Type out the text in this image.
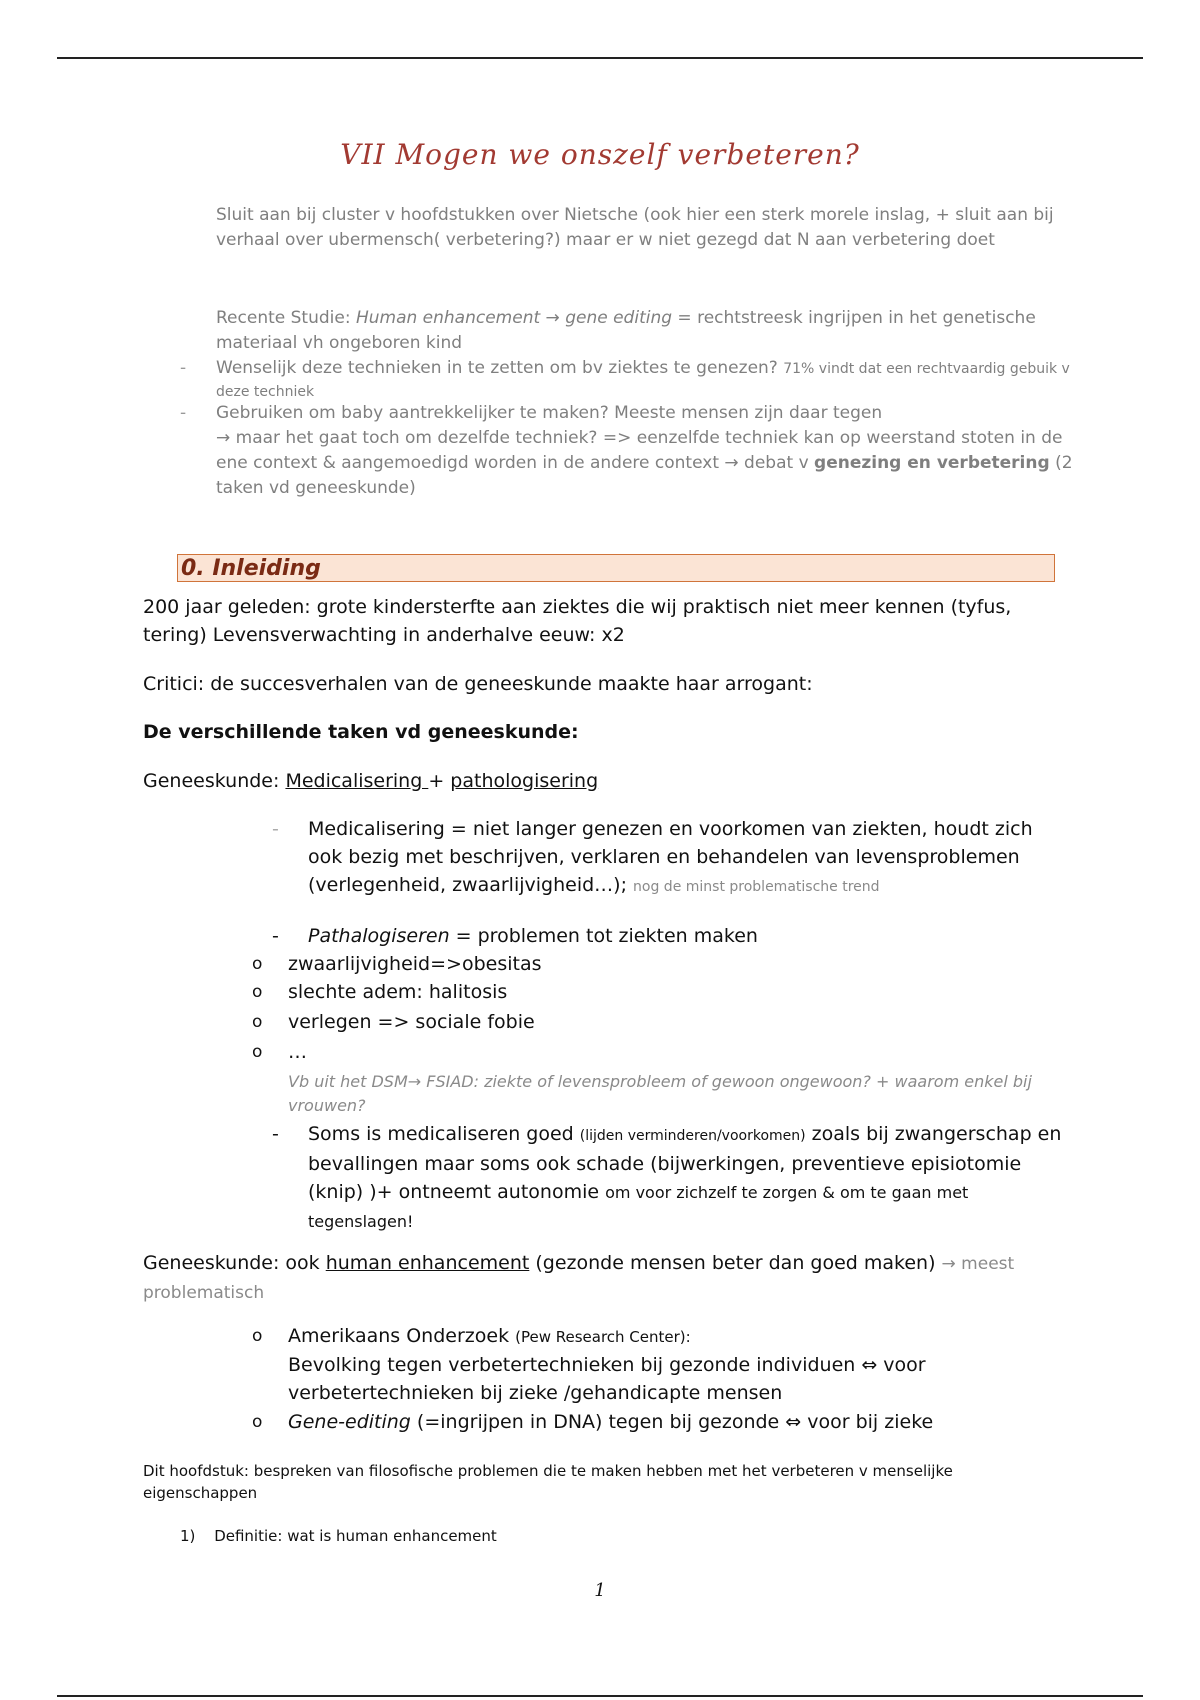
VII Mogen we onszelf verbeteren?

Sluit aan bij cluster v hoofdstukken over Nietsche (ook hier een sterk morele inslag, + sluit aan bij verhaal over ubermensch( verbetering?) maar er w niet gezegd dat N aan verbetering doet

Recente Studie: Human enhancement → gene editing = rechtstreesk ingrijpen in het genetische materiaal vh ongeboren kind

- Wenselijk deze technieken in te zetten om bv ziektes te genezen? 71% vindt dat een rechtvaardig gebuik v deze techniek
- Gebruiken om baby aantrekkelijker te maken? Meeste mensen zijn daar tegen
→ maar het gaat toch om dezelfde techniek? => eenzelfde techniek kan op weerstand stoten in de ene context & aangemoedigd worden in de andere context → debat v genezing en verbetering (2 taken vd geneeskunde)
0. Inleiding
200 jaar geleden: grote kindersterfte aan ziektes die wij praktisch niet meer kennen (tyfus, tering) Levensverwachting in anderhalve eeuw: x2
Critici: de succesverhalen van de geneeskunde maakte haar arrogant:
De verschillende taken vd geneeskunde:
Geneeskunde: Medicalisering + pathologisering
- Medicalisering = niet langer genezen en voorkomen van ziekten, houdt zich ook bezig met beschrijven, verklaren en behandelen van levensproblemen (verlegenheid, zwaarlijvigheid…); nog de minst problematische trend
- Pathalogiseren = problemen tot ziekten maken
o zwaarlijvigheid=>obesitas
o slechte adem: halitosis
o verlegen => sociale fobie
o …
Vb uit het DSM→ FSIAD: ziekte of levensprobleem of gewoon ongewoon? + waarom enkel bij vrouwen?
- Soms is medicaliseren goed (lijden verminderen/voorkomen) zoals bij zwangerschap en bevallingen maar soms ook schade (bijwerkingen, preventieve episiotomie (knip) )+ ontneemt autonomie om voor zichzelf te zorgen & om te gaan met tegenslagen!
Geneeskunde: ook human enhancement (gezonde mensen beter dan goed maken) → meest problematisch
o Amerikaans Onderzoek (Pew Research Center):
Bevolking tegen verbetertechnieken bij gezonde individuen ⇔ voor verbetertechnieken bij zieke /gehandicapte mensen
o Gene-editing (=ingrijpen in DNA) tegen bij gezonde ⇔ voor bij zieke
Dit hoofdstuk: bespreken van filosofische problemen die te maken hebben met het verbeteren v menselijke eigenschappen
1) Definitie: wat is human enhancement
1
